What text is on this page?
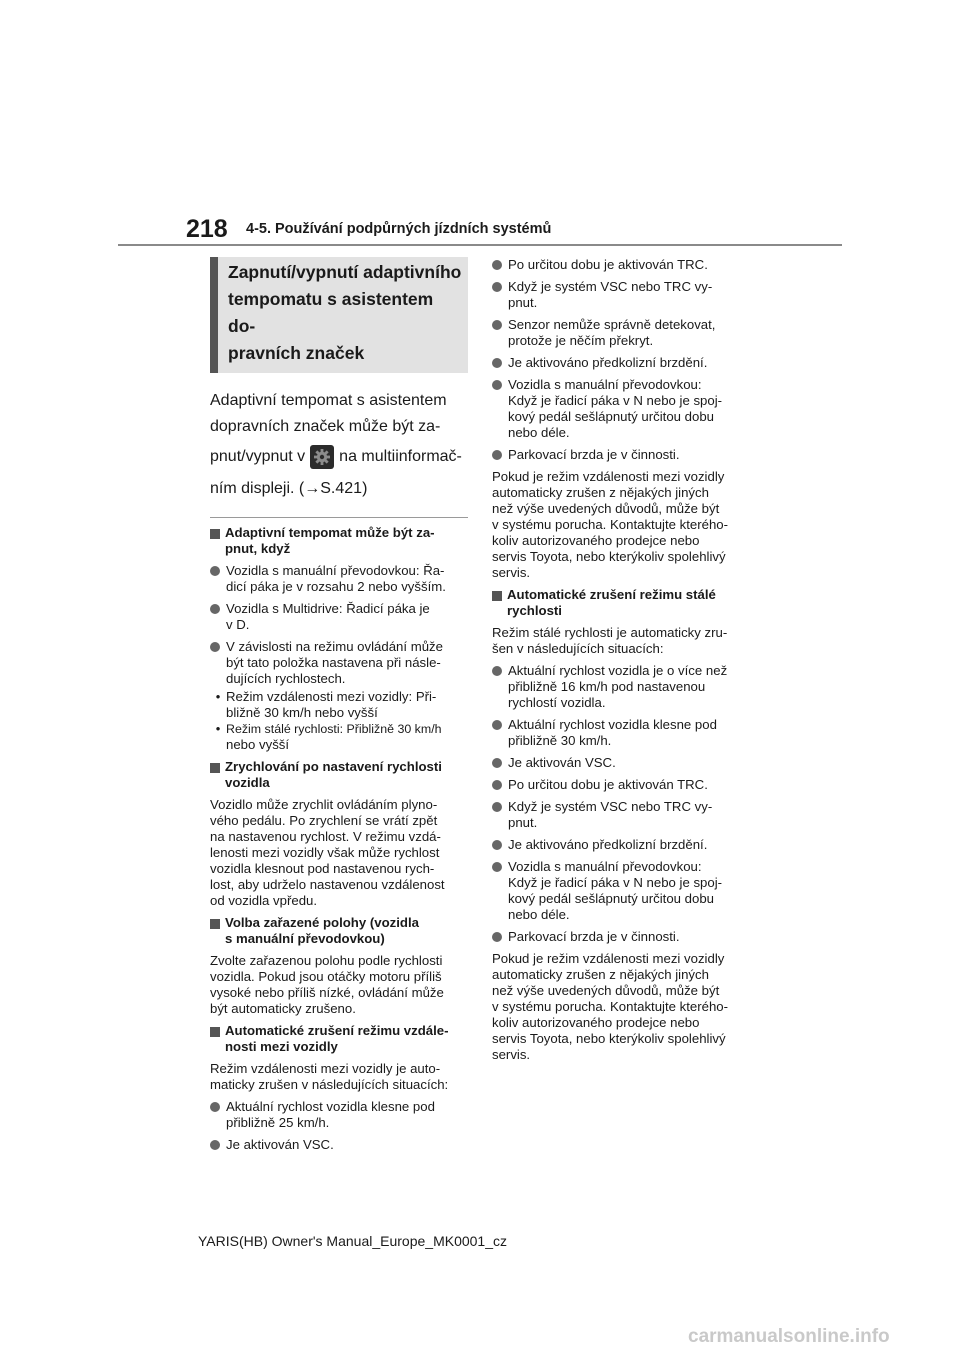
218 4-5. Používání podpůrných jízdních systémů
Zapnutí/vypnutí adaptivního
tempomatu s asistentem do-
pravních značek
Adaptivní tempomat s asistentem
dopravních značek může být za-
pnut/vypnut v na multiinformač-
ním displeji. (→S.421)
Adaptivní tempomat může být za-
pnut, když
Vozidla s manuální převodovkou: Řa-
dicí páka je v rozsahu 2 nebo vyšším.
Vozidla s Multidrive: Řadicí páka je
v D.
V závislosti na režimu ovládání může
být tato položka nastavena při násle-
dujících rychlostech.
• Režim vzdálenosti mezi vozidly: Při-
bližně 30 km/h nebo vyšší
• Režim stálé rychlosti: Přibližně 30 km/h
nebo vyšší
Zrychlování po nastavení rychlosti
vozidla
Vozidlo může zrychlit ovládáním plyno-
vého pedálu. Po zrychlení se vrátí zpět
na nastavenou rychlost. V režimu vzdá-
lenosti mezi vozidly však může rychlost
vozidla klesnout pod nastavenou rych-
lost, aby udrželo nastavenou vzdálenost
od vozidla vpředu.
Volba zařazené polohy (vozidla
s manuální převodovkou)
Zvolte zařazenou polohu podle rychlosti
vozidla. Pokud jsou otáčky motoru příliš
vysoké nebo příliš nízké, ovládání může
být automaticky zrušeno.
Automatické zrušení režimu vzdále-
nosti mezi vozidly
Režim vzdálenosti mezi vozidly je auto-
maticky zrušen v následujících situacích:
Aktuální rychlost vozidla klesne pod
přibližně 25 km/h.
Je aktivován VSC.
Po určitou dobu je aktivován TRC.
Když je systém VSC nebo TRC vy-
pnut.
Senzor nemůže správně detekovat,
protože je něčím překryt.
Je aktivováno předkolizní brzdění.
Vozidla s manuální převodovkou:
Když je řadicí páka v N nebo je spoj-
kový pedál sešlápnutý určitou dobu
nebo déle.
Parkovací brzda je v činnosti.
Pokud je režim vzdálenosti mezi vozidly
automaticky zrušen z nějakých jiných
než výše uvedených důvodů, může být
v systému porucha. Kontaktujte kterého-
koliv autorizovaného prodejce nebo
servis Toyota, nebo kterýkoliv spolehlivý
servis.
Automatické zrušení režimu stálé
rychlosti
Režim stálé rychlosti je automaticky zru-
šen v následujících situacích:
Aktuální rychlost vozidla je o více než
přibližně 16 km/h pod nastavenou
rychlostí vozidla.
Aktuální rychlost vozidla klesne pod
přibližně 30 km/h.
Je aktivován VSC.
Po určitou dobu je aktivován TRC.
Když je systém VSC nebo TRC vy-
pnut.
Je aktivováno předkolizní brzdění.
Vozidla s manuální převodovkou:
Když je řadicí páka v N nebo je spoj-
kový pedál sešlápnutý určitou dobu
nebo déle.
Parkovací brzda je v činnosti.
Pokud je režim vzdálenosti mezi vozidly
automaticky zrušen z nějakých jiných
než výše uvedených důvodů, může být
v systému porucha. Kontaktujte kterého-
koliv autorizovaného prodejce nebo
servis Toyota, nebo kterýkoliv spolehlivý
servis.
YARIS(HB) Owner's Manual_Europe_MK0001_cz
carmanualsonline.info
